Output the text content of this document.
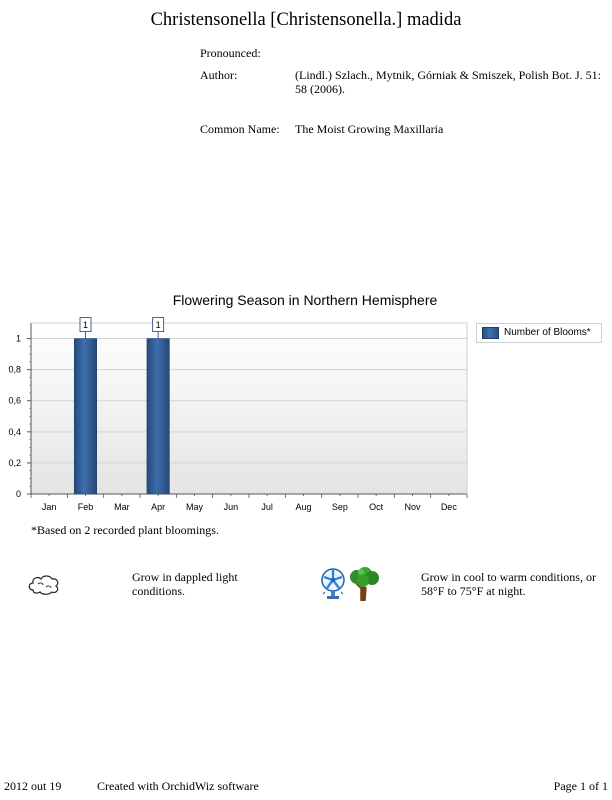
Christensonella [Christensonella.] madida
Pronounced:
Author:	(Lindl.) Szlach., Mytnik, Górniak & Smiszek, Polish Bot. J. 51: 58 (2006).
Common Name: The Moist Growing Maxillaria
Flowering Season in Northern Hemisphere
0
0,2
0,4
0,6
0,8
1
Jan Feb Mar Apr May Jun	Jul	Aug Sep Oct Nov Dec
1	1
Number of Blooms*
*Based on 2 recorded plant bloomings.
Grow in dappled light conditions.
Grow in cool to warm conditions, or 58°F to 75°F at night.
2012 out 19	Created with OrchidWiz software	Page 1 of 1
